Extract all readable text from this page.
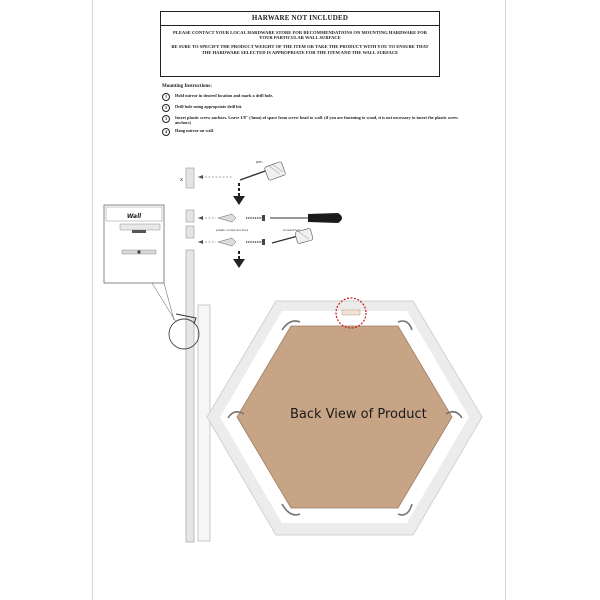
HARWARE NOT INCLUDED
PLEASE CONTACT YOUR LOCAL HARDWARE STORE FOR RECOMMENDATIONS ON MOUNTING HARDWARE FOR YOUR PARTICULAR WALL SURFACE
BE SURE TO SPECIFY THE PRODUCT WEIGHT OF THE ITEM OR TAKE THE PRODUCT WITH YOU TO ENSURE THAT THE HARDWARE SELECTED IS APPROPRIATE FOR THE ITEM AND THE WALL SURFACE
Mounting Instructions:
1	Hold mirror in desired location and mark a drill hole.
2	Drill hole using appropriate drill bit.
3	Insert plastic screw anchors. Leave 1/8" (3mm) of space from screw head to wall. (if you are fastening to wood, it is not necessary to insert the plastic screw anchors)
4	Hang mirror on wall.
x
pen
plastic screw anchors	screwdriver
Wall
Back View of Product
